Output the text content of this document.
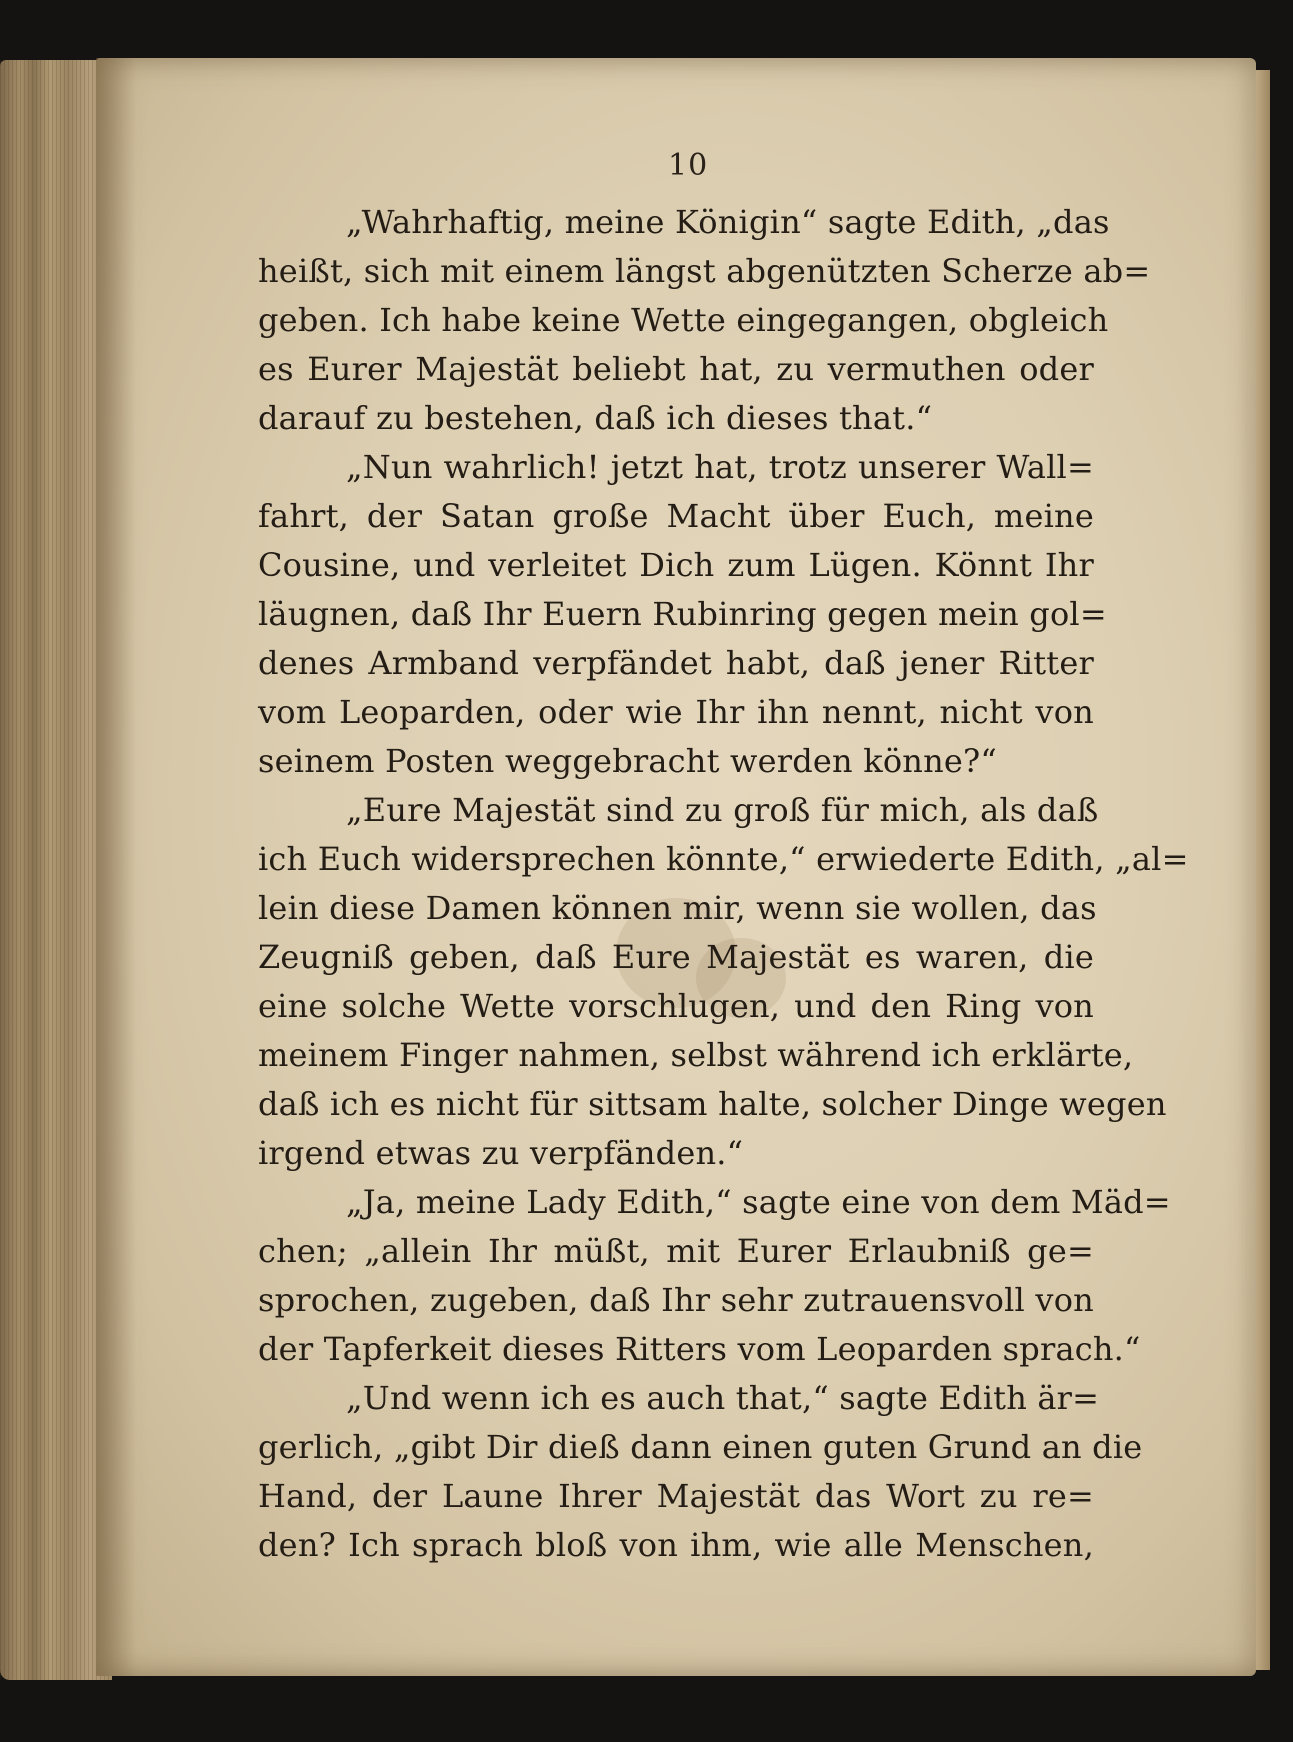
10
„Wahrhaftig, meine Königin“ sagte Edith, „das
heißt, sich mit einem längst abgenützten Scherze ab=
geben. Ich habe keine Wette eingegangen, obgleich
es Eurer Majestät beliebt hat, zu vermuthen oder
darauf zu bestehen, daß ich dieses that.“
„Nun wahrlich! jetzt hat, trotz unserer Wall=
fahrt, der Satan große Macht über Euch, meine
Cousine, und verleitet Dich zum Lügen. Könnt Ihr
läugnen, daß Ihr Euern Rubinring gegen mein gol=
denes Armband verpfändet habt, daß jener Ritter
vom Leoparden, oder wie Ihr ihn nennt, nicht von
seinem Posten weggebracht werden könne?“
„Eure Majestät sind zu groß für mich, als daß
ich Euch widersprechen könnte,“ erwiederte Edith, „al=
lein diese Damen können mir, wenn sie wollen, das
Zeugniß geben, daß Eure Majestät es waren, die
eine solche Wette vorschlugen, und den Ring von
meinem Finger nahmen, selbst während ich erklärte,
daß ich es nicht für sittsam halte, solcher Dinge wegen
irgend etwas zu verpfänden.“
„Ja, meine Lady Edith,“ sagte eine von dem Mäd=
chen; „allein Ihr müßt, mit Eurer Erlaubniß ge=
sprochen, zugeben, daß Ihr sehr zutrauensvoll von
der Tapferkeit dieses Ritters vom Leoparden sprach.“
„Und wenn ich es auch that,“ sagte Edith är=
gerlich, „gibt Dir dieß dann einen guten Grund an die
Hand, der Laune Ihrer Majestät das Wort zu re=
den? Ich sprach bloß von ihm, wie alle Menschen,
